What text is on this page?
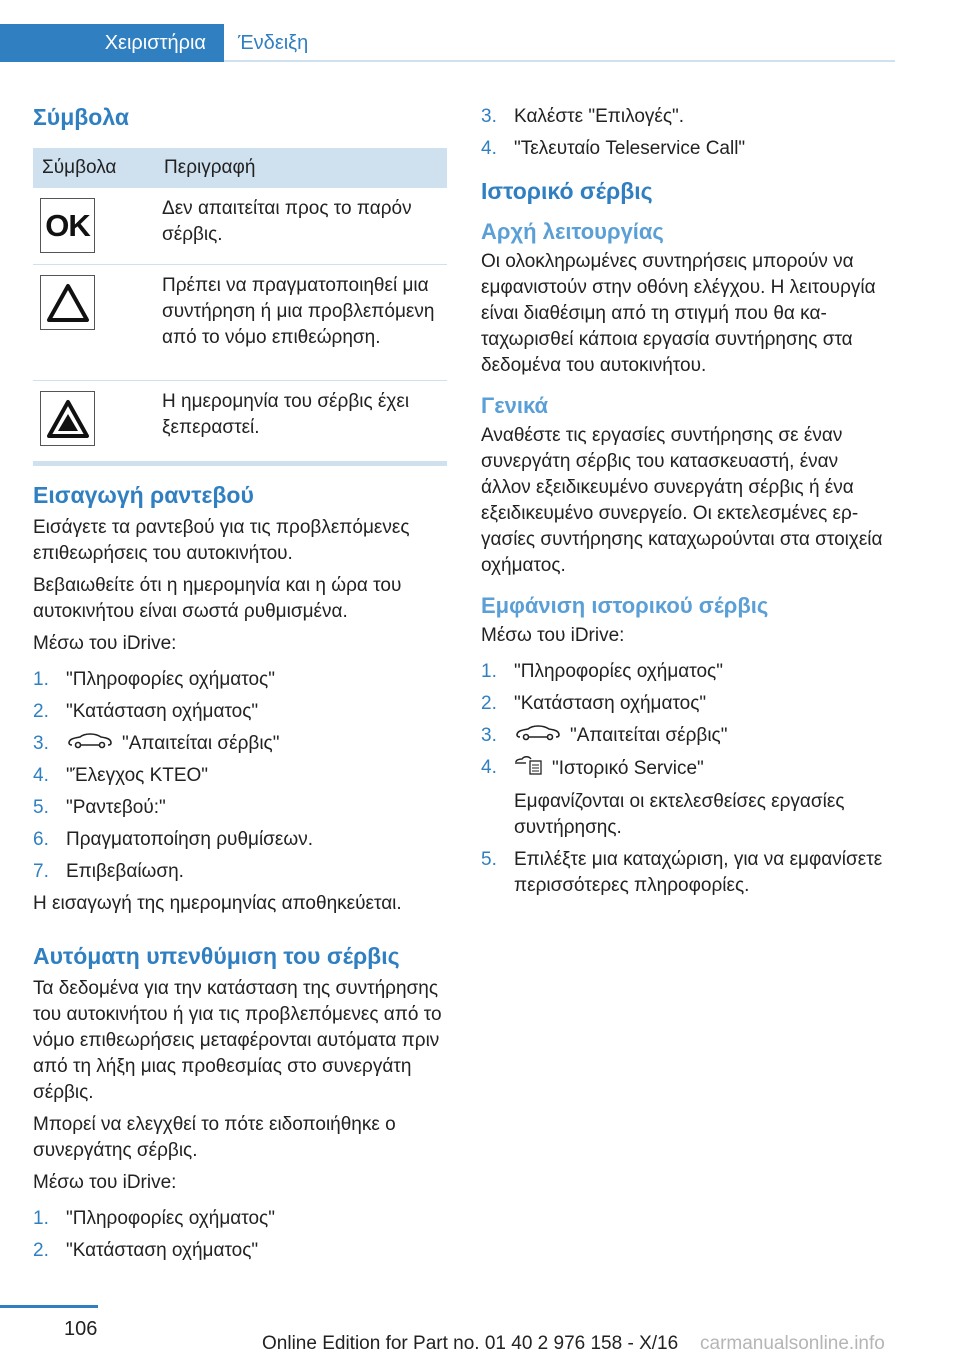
Χειριστήρια	Ένδειξη
Σύμβολα
Σύμβολα	Περιγραφή
OK	Δεν απαιτείται προς το παρόν σέρβις.
Πρέπει να πραγματοποιηθεί μια συντήρηση ή μια προβλεπόμενη από το νόμο επιθεώρηση.
Η ημερομηνία του σέρβις έχει ξεπεραστεί.
Εισαγωγή ραντεβού

Εισάγετε τα ραντεβού για τις προβλεπόμενες επιθεωρήσεις του αυτοκινήτου.

Βεβαιωθείτε ότι η ημερομηνία και η ώρα του αυτοκινήτου είναι σωστά ρυθμισμένα.

Μέσω του iDrive:

1. "Πληροφορίες οχήματος"
2. "Κατάσταση οχήματος"
3.	"Απαιτείται σέρβις"
4. "Έλεγχος ΚΤΕΟ"
5. "Ραντεβού:"
6. Πραγματοποίηση ρυθμίσεων.
7. Επιβεβαίωση.

Η εισαγωγή της ημερομηνίας αποθηκεύεται.

Αυτόματη υπενθύμιση του σέρβις

Τα δεδομένα για την κατάσταση της συντήρησης του αυτοκινήτου ή για τις προβλεπόμενες από το νόμο επιθεωρήσεις μεταφέρονται αυτόματα πριν από τη λήξη μιας προθεσμίας στο συνεργάτη σέρβις.

Μπορεί να ελεγχθεί το πότε ειδοποιήθηκε ο συνεργάτης σέρβις.

Μέσω του iDrive:

1. "Πληροφορίες οχήματος"
2. "Κατάσταση οχήματος"
3. Καλέστε "Επιλογές".
4. "Τελευταίο Teleservice Call"
Ιστορικό σέρβις
Αρχή λειτουργίας

Οι ολοκληρωμένες συντηρήσεις μπορούν να εμφανιστούν στην οθόνη ελέγχου. Η λειτουργία είναι διαθέσιμη από τη στιγμή που θα καταχωρισθεί κάποια εργασία συντήρησης στα δεδομένα του αυτοκινήτου.

Γενικά

Αναθέστε τις εργασίες συντήρησης σε έναν συνεργάτη σέρβις του κατασκευαστή, έναν άλλον εξειδικευμένο συνεργάτη σέρβις ή ένα εξειδικευμένο συνεργείο. Οι εκτελεσμένες εργασίες συντήρησης καταχωρούνται στα στοιχεία οχήματος.

Εμφάνιση ιστορικού σέρβις

Μέσω του iDrive:

1. "Πληροφορίες οχήματος"
2. "Κατάσταση οχήματος"
3.	"Απαιτείται σέρβις"
4.	"Ιστορικό Service"
Εμφανίζονται οι εκτελεσθείσες εργασίες συντήρησης.
5. Επιλέξτε μια καταχώριση, για να εμφανίσετε περισσότερες πληροφορίες.
106
Online Edition for Part no. 01 40 2 976 158 - X/16 carmanualsonline.info
